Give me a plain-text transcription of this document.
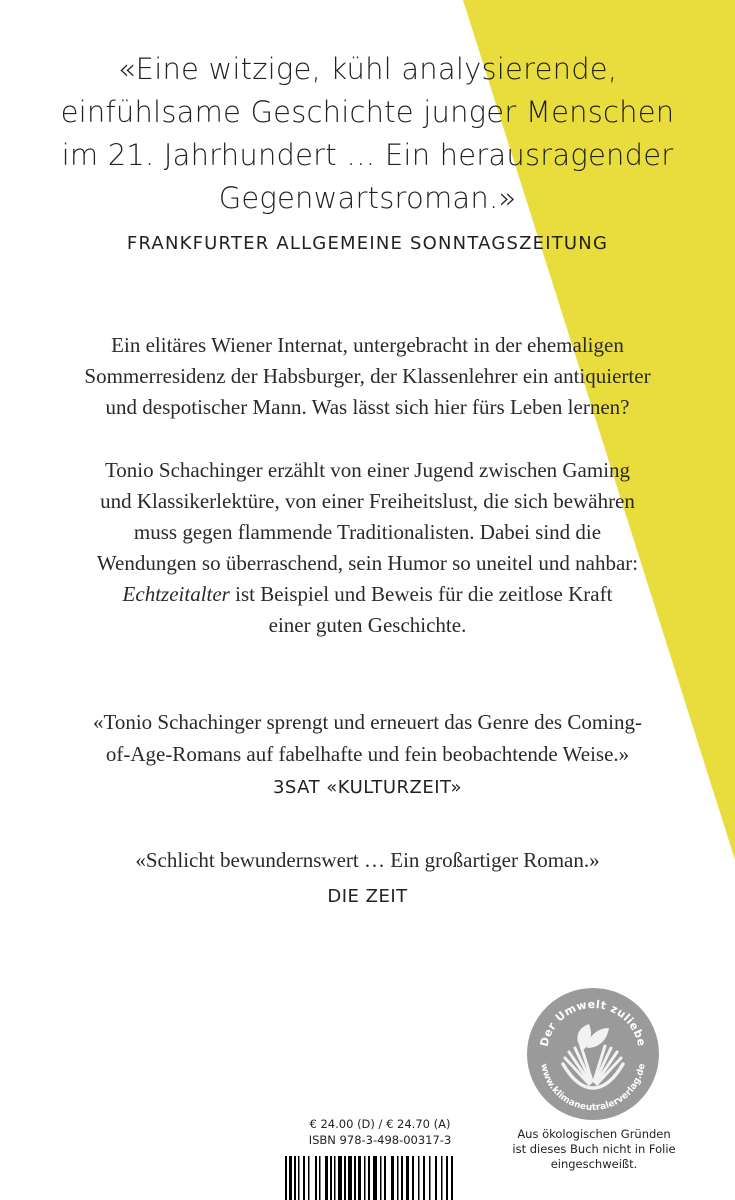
«Eine witzige, kühl analysierende,
einfühlsame Geschichte junger Menschen
im 21. Jahrhundert … Ein herausragender
Gegenwartsroman.»
FRANKFURTER ALLGEMEINE SONNTAGSZEITUNG

Ein elitäres Wiener Internat, untergebracht in der ehemaligen
Sommerresidenz der Habsburger, der Klassenlehrer ein antiquierter
und despotischer Mann. Was lässt sich hier fürs Leben lernen?

Tonio Schachinger erzählt von einer Jugend zwischen Gaming
und Klassikerlektüre, von einer Freiheitslust, die sich bewähren
muss gegen flammende Traditionalisten. Dabei sind die
Wendungen so überraschend, sein Humor so uneitel und nahbar:
Echtzeitalter ist Beispiel und Beweis für die zeitlose Kraft
einer guten Geschichte.

«Tonio Schachinger sprengt und erneuert das Genre des Coming-
of-Age-Romans auf fabelhafte und fein beobachtende Weise.»
3SAT «KULTURZEIT»
«Schlicht bewundernswert … Ein großartiger Roman.»
DIE ZEIT
Der Umwelt zuliebe
www.klimaneutralerverlag.de
Aus ökologischen Gründen
ist dieses Buch nicht in Folie
eingeschweißt.
€ 24.00 (D) / € 24.70 (A)
ISBN 978-3-498-00317-3
